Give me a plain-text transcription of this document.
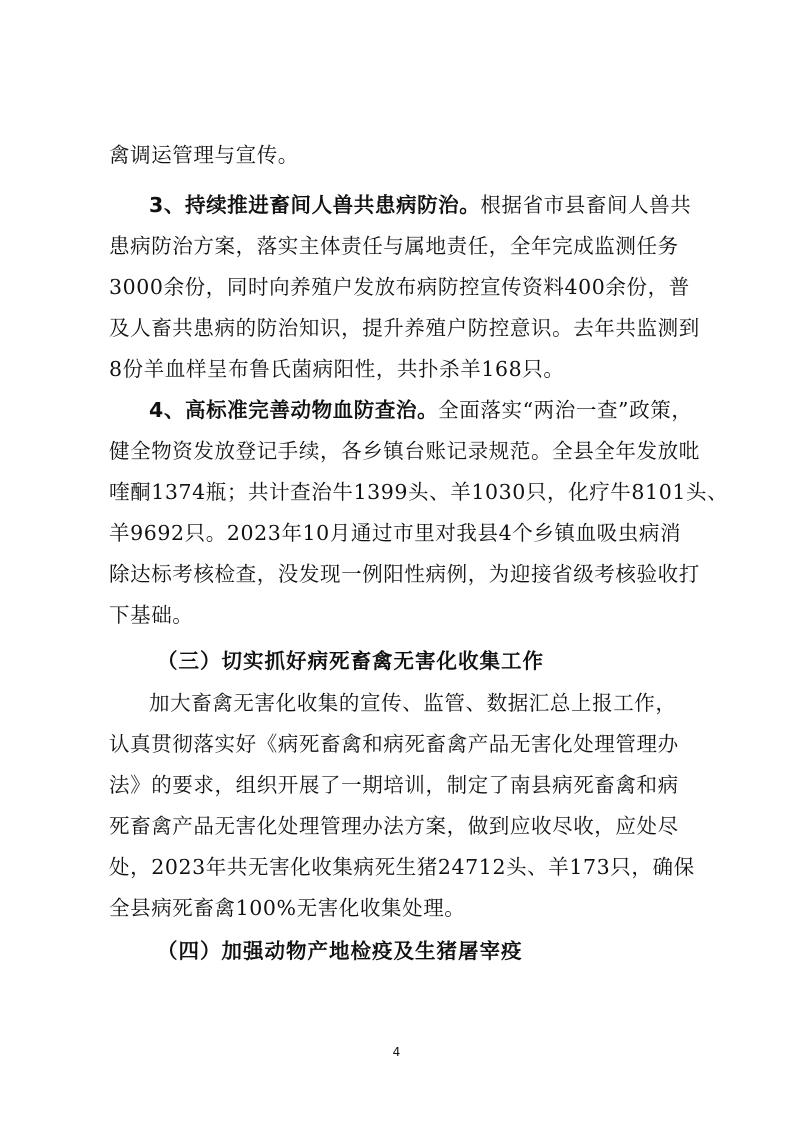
禽调运管理与宣传。
3、持续推进畜间人兽共患病防治。根据省市县畜间人兽共
患病防治方案，落实主体责任与属地责任，全年完成监测任务
3000余份，同时向养殖户发放布病防控宣传资料400余份，普
及人畜共患病的防治知识，提升养殖户防控意识。去年共监测到
8份羊血样呈布鲁氏菌病阳性，共扑杀羊168只。
4、高标准完善动物血防查治。全面落实“两治一查”政策，
健全物资发放登记手续，各乡镇台账记录规范。全县全年发放吡
喹酮1374瓶；共计查治牛1399头、羊1030只，化疗牛8101头、
羊9692只。2023年10月通过市里对我县4个乡镇血吸虫病消
除达标考核检查，没发现一例阳性病例，为迎接省级考核验收打
下基础。
（三）切实抓好病死畜禽无害化收集工作
加大畜禽无害化收集的宣传、监管、数据汇总上报工作，
认真贯彻落实好《病死畜禽和病死畜禽产品无害化处理管理办
法》的要求，组织开展了一期培训，制定了南县病死畜禽和病
死畜禽产品无害化处理管理办法方案，做到应收尽收，应处尽
处，2023年共无害化收集病死生猪24712头、羊173只，确保
全县病死畜禽100%无害化收集处理。
（四）加强动物产地检疫及生猪屠宰疫
4
